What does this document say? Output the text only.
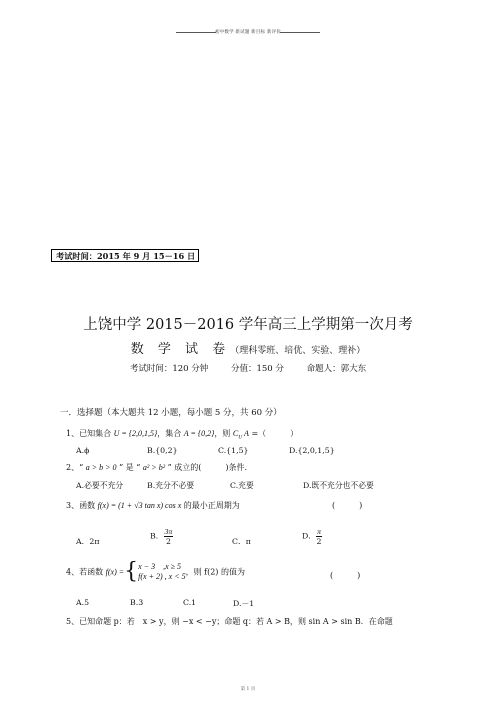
初中数学 新试题 新目标 新评价
考试时间：2015 年 9 月 15－16 日
上饶中学 2015－2016 学年高三上学期第一次月考
数 学 试 卷（理科零班、培优、实验、理补）
考试时间：120 分钟	分值：150 分	命题人：郭大东
一．选择题（本大题共 12 小题，每小题 5 分，共 60 分）
1、已知集合 U = {2,0,1,5}，集合 A = {0,2}，则 $C_U$ A =（　　　）
A.ϕ	B.{0,2}	C.{1,5}	D.{2,0,1,5}
2、“ a > b > 0 ” 是 “ a² > b² ” 成立的(　　　)条件.
A.必要不充分	B.充分不必要	C.充要	D.既不充分也不必要
3、函数 f(x) = (1 + √3 tan x) cos x 的最小正周期为	(　　　)
A．2π
B． $\frac{3\pi}{2}$	C．π
D． $\frac{\pi}{2}$
4、若函数 f(x) ={ x − 3　,x ≥ 5
f(x + 2) , x < 5 ，则 f(2) 的值为	(　　　)
A.5	B.3	C.1	D.－1
5、已知命题 p：若　x > y，则 −x < −y；命题 q：若 A > B，则 sin A > sin B．在命题
第 1 页
